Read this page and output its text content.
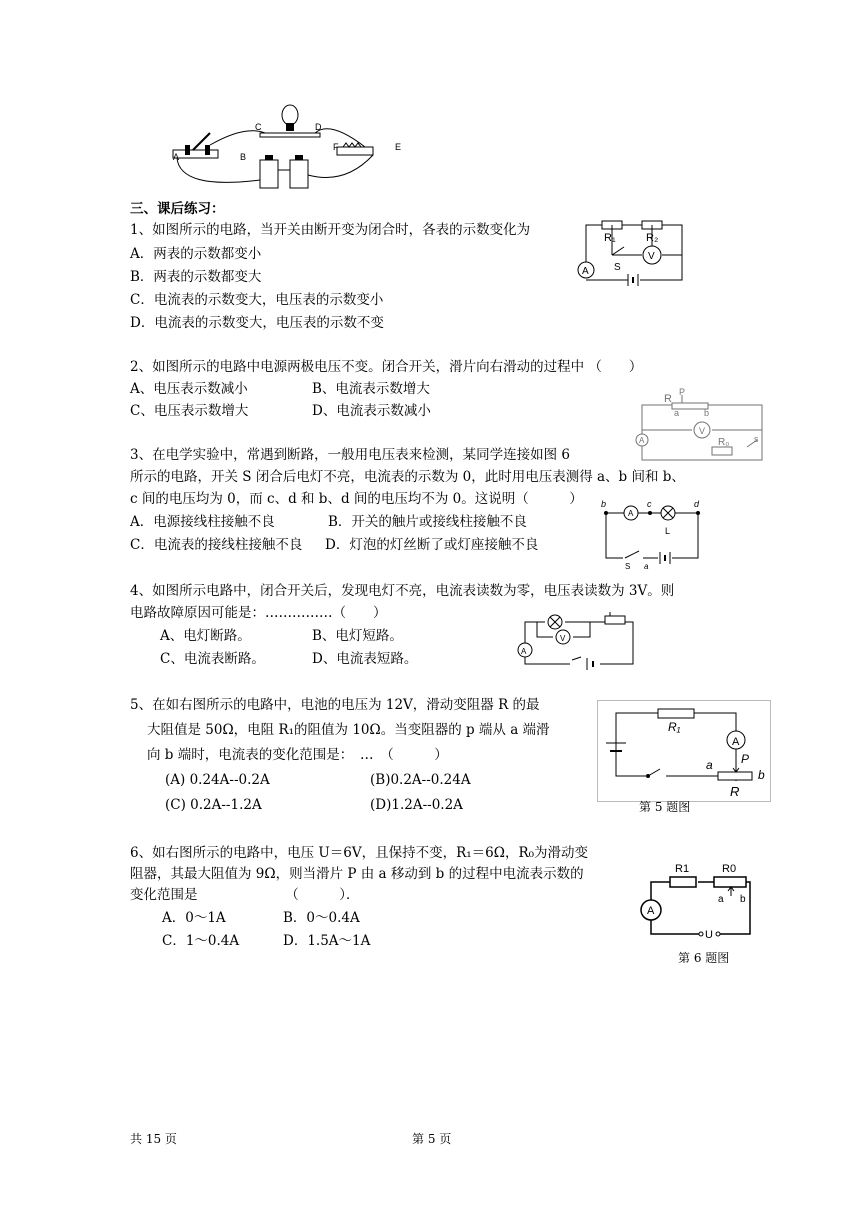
A	B
C	D
E
F
三、课后练习：
1、如图所示的电路，当开关由断开变为闭合时，各表的示数变化为
A．两表的示数都变小
B．两表的示数都变大
C．电流表的示数变大，电压表的示数变小
D．电流表的示数变大，电压表的示数不变
R₁	R₂
S
A
V
2、如图所示的电路中电源两极电压不变。闭合开关，滑片向右滑动的过程中 （　　）
A、电压表示数减小	B、电流表示数增大
C、电压表示数增大	D、电流表示数减小
R
P
a	b
V
A	R₀	s
3、在电学实验中，常遇到断路，一般用电压表来检测，某同学连接如图 6
所示的电路，开关 S 闭合后电灯不亮，电流表的示数为 0，此时用电压表测得 a、b 间和 b、
c 间的电压均为 0，而 c、d 和 b、d 间的电压均不为 0。这说明（　　　）
A．电源接线柱接触不良	B．开关的触片或接线柱接触不良
C．电流表的接线柱接触不良 D．灯泡的灯丝断了或灯座接触不良
b	c	d
A
L
S a
4、如图所示电路中，闭合开关后，发现电灯不亮，电流表读数为零，电压表读数为 3V。则
电路故障原因可能是：……………（　　）
A、电灯断路。	B、电灯短路。
C、电流表断路。	D、电流表短路。	A
V
5、在如右图所示的电路中，电池的电压为 12V，滑动变阻器 R 的最
大阻值是 50Ω，电阻 R₁的阻值为 10Ω。当变阻器的 p 端从 a 端滑
向 b 端时，电流表的变化范围是：　…　（　　　）
(A) 0.24A--0.2A	(B)0.2A--0.24A
(C) 0.2A--1.2A	(D)1.2A--0.2A
R₁
A
P
a
b
R
第 5 题图
6、如右图所示的电路中，电压 U＝6V，且保持不变，R₁＝6Ω，R₀为滑动变
阻器，其最大阻值为 9Ω，则当滑片 P 由 a 移动到 b 的过程中电流表示数的
变化范围是　　　　　　　（　　　）．
A．0～1A	B．0～0.4A
C．1～0.4A	D．1.5A～1A
R1	R0
A
a b
U
第 6 题图
共 15 页	第 5 页
